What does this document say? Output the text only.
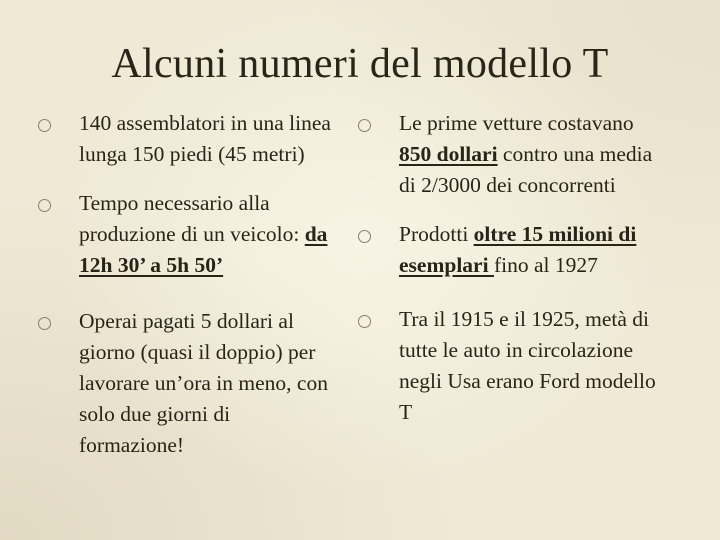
Alcuni numeri del modello T
140 assemblatori in una linea lunga 150 piedi (45 metri)
Tempo necessario alla produzione di un veicolo: da 12h 30’ a 5h 50’
Operai pagati 5 dollari al giorno (quasi il doppio) per lavorare un’ora in meno, con solo due giorni di formazione!
Le prime vetture costavano 850 dollari contro una media di 2/3000 dei concorrenti
Prodotti oltre 15 milioni di esemplari fino al 1927
Tra il 1915 e il 1925, metà di tutte le auto in circolazione negli Usa erano Ford modello T
